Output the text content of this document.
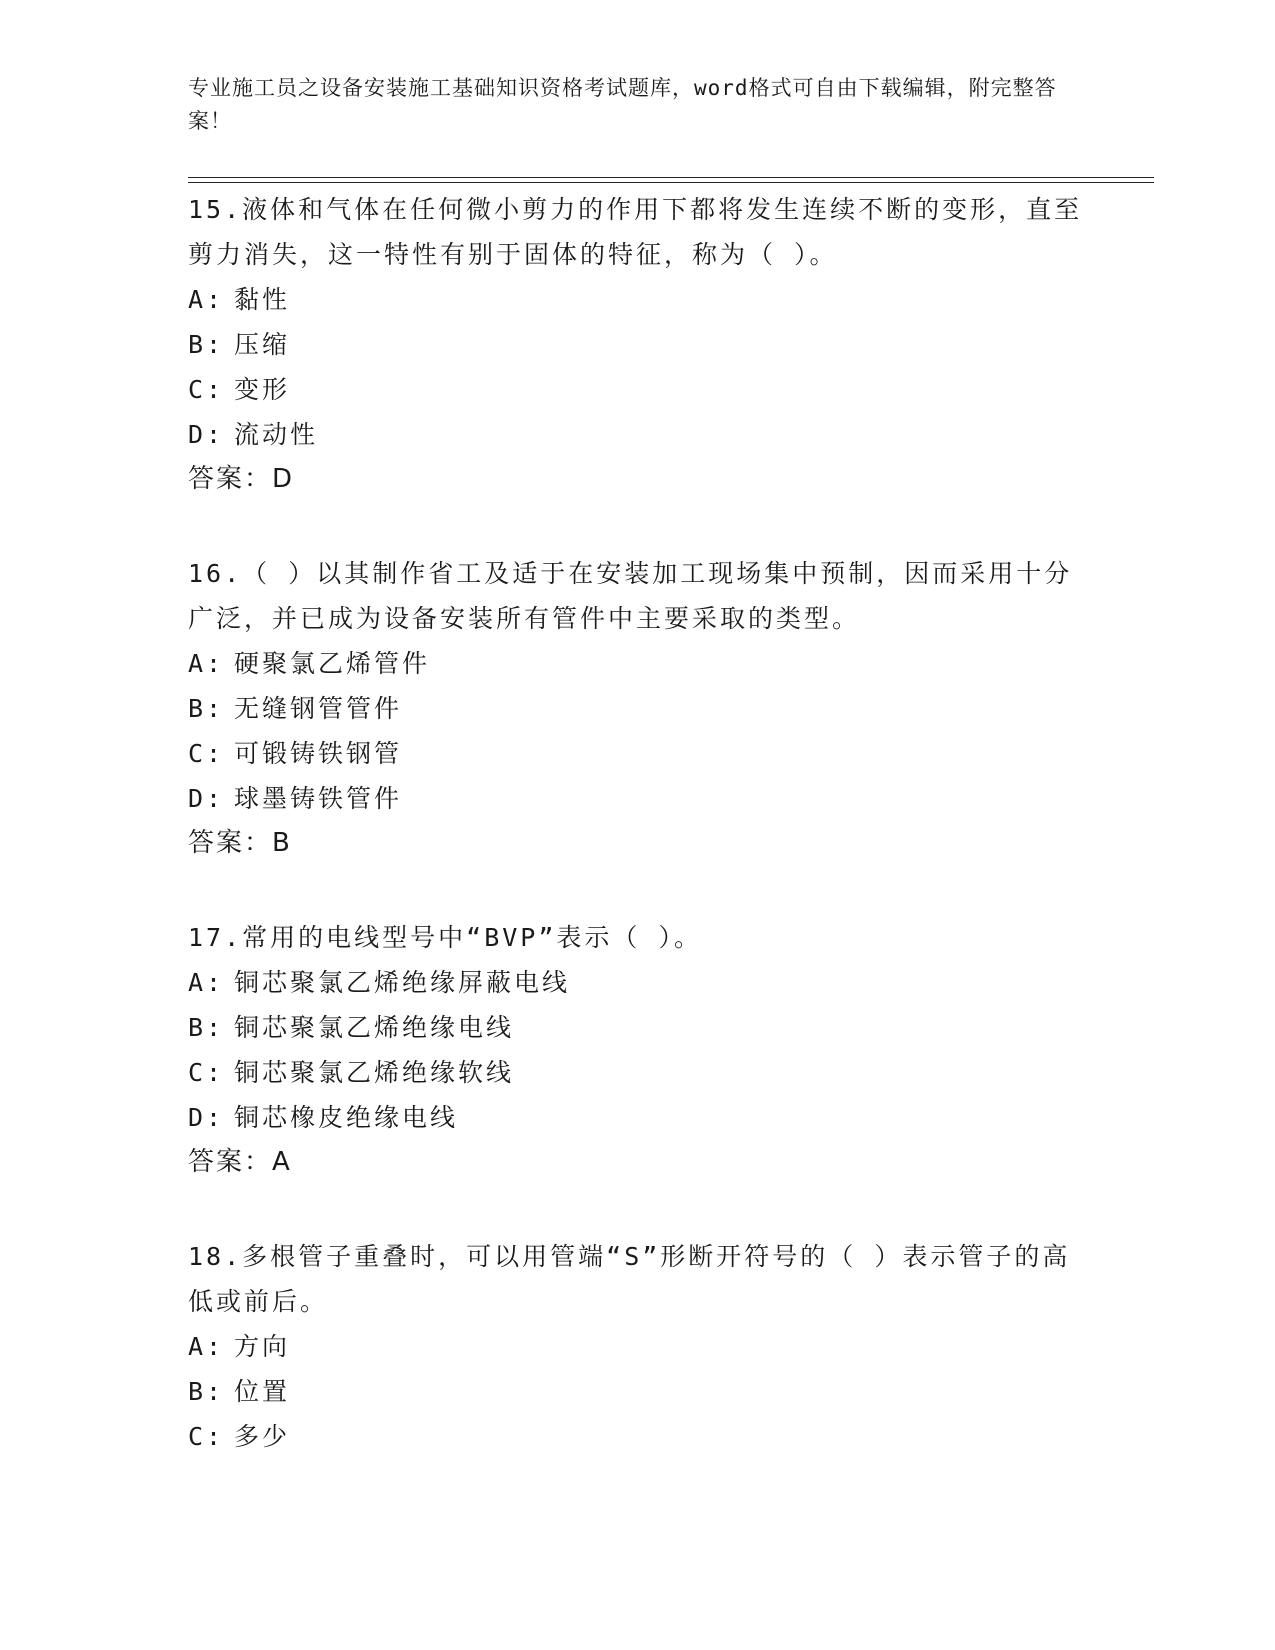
专业施工员之设备安装施工基础知识资格考试题库，word格式可自由下载编辑，附完整答案！

15.液体和气体在任何微小剪力的作用下都将发生连续不断的变形，直至剪力消失，这一特性有别于固体的特征，称为（ ）。

A: 黏性
B: 压缩
C: 变形
D: 流动性

答案：D

16.（ ）以其制作省工及适于在安装加工现场集中预制，因而采用十分广泛，并已成为设备安装所有管件中主要采取的类型。

A: 硬聚氯乙烯管件
B: 无缝钢管管件
C: 可锻铸铁钢管
D: 球墨铸铁管件

答案：B

17.常用的电线型号中“BVP”表示（ ）。

A: 铜芯聚氯乙烯绝缘屏蔽电线
B: 铜芯聚氯乙烯绝缘电线
C: 铜芯聚氯乙烯绝缘软线
D: 铜芯橡皮绝缘电线

答案：A

18.多根管子重叠时，可以用管端“S”形断开符号的（ ）表示管子的高低或前后。

A: 方向
B: 位置
C: 多少
